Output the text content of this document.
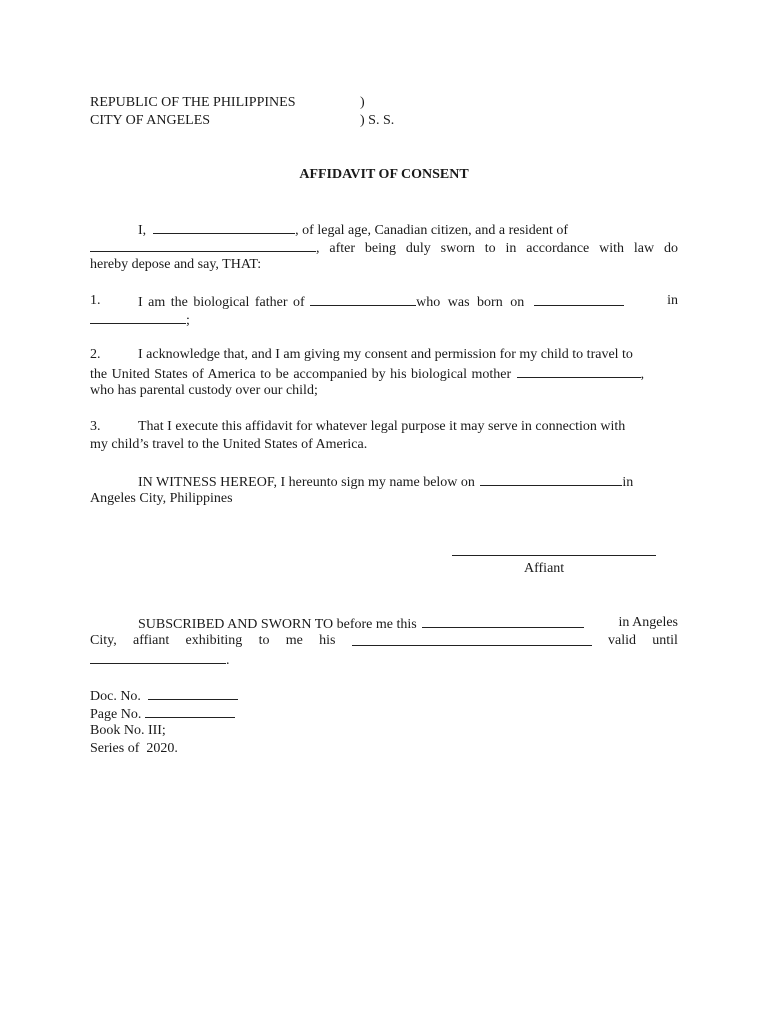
REPUBLIC OF THE PHILIPPINES	)
CITY OF ANGELES	) S. S.
AFFIDAVIT OF CONSENT
I,	, of legal age, Canadian citizen, and a resident of
, after being duly sworn to in accordance with law do
hereby depose and say, THAT:
1.	I am the biological father of	who was born on	in
;
2.	I acknowledge that, and I am giving my consent and permission for my child to travel to
the United States of America to be accompanied by his biological mother	,
who has parental custody over our child;
3.	That I execute this affidavit for whatever legal purpose it may serve in connection with
my child’s travel to the United States of America.
IN WITNESS HEREOF, I hereunto sign my name below on	in
Angeles City, Philippines
Affiant
SUBSCRIBED AND SWORN TO before me this	in Angeles
City, affiant exhibiting to me his	valid until
.
Doc. No.
Page No.
Book No. III;
Series of  2020.
